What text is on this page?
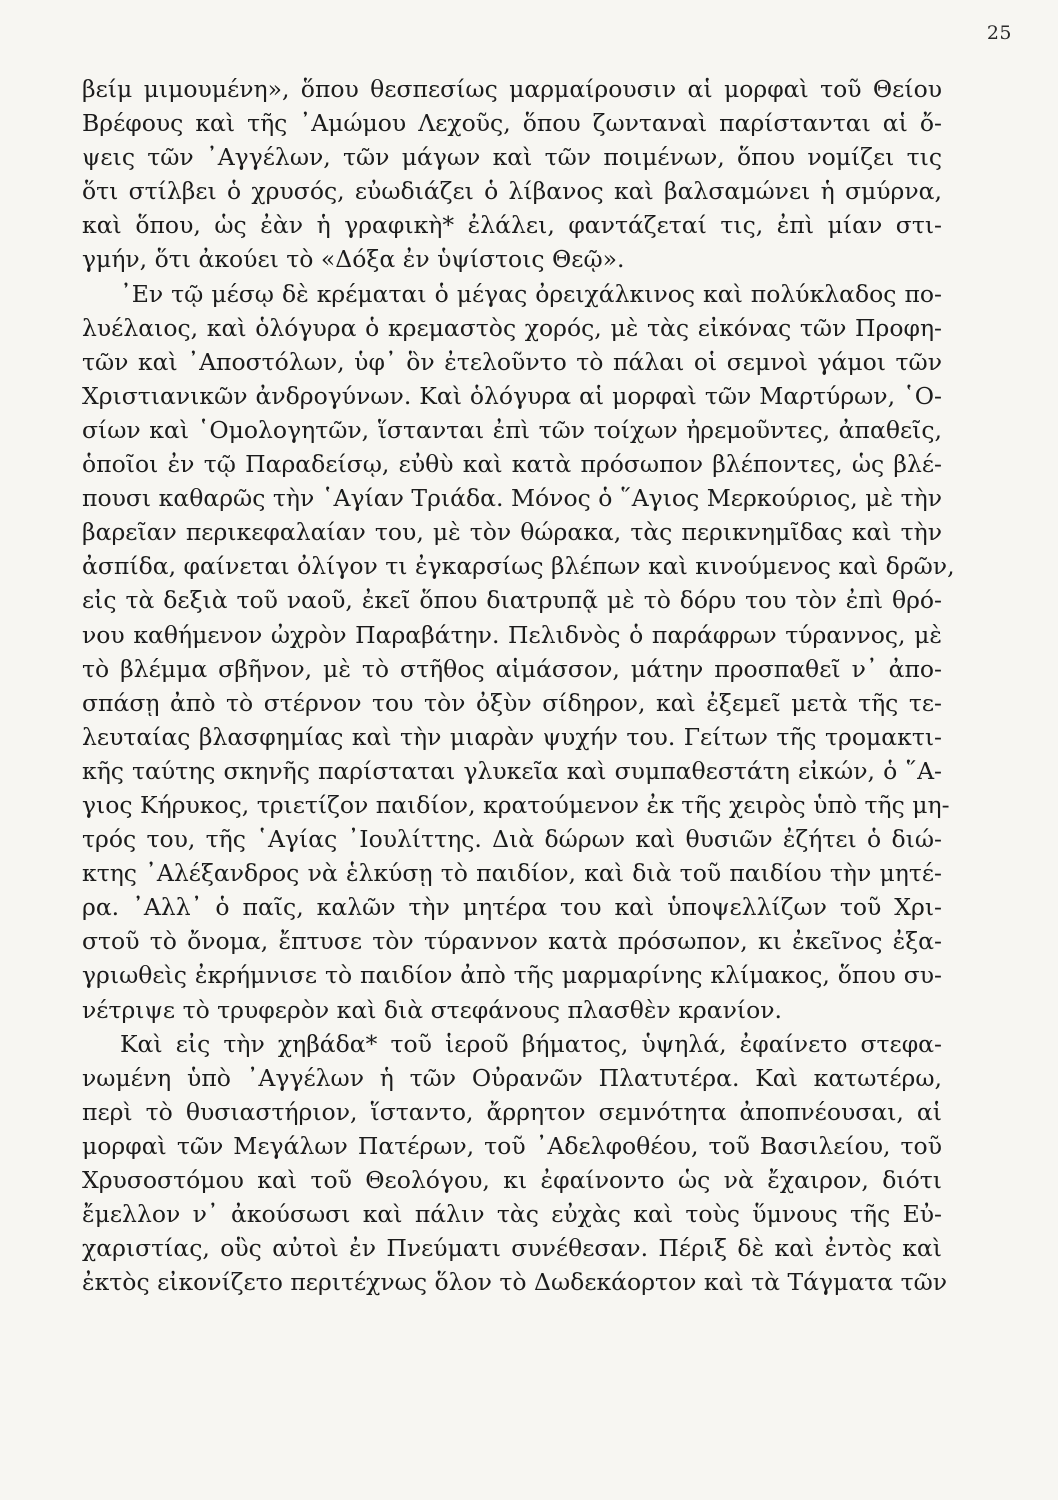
25
βείμ μιμουμένη», ὅπου θεσπεσίως μαρμαίρουσιν αἱ μορφαὶ τοῦ Θείου
Βρέφους καὶ τῆς ᾿Αμώμου Λεχοῦς, ὅπου ζωνταναὶ παρίστανται αἱ ὄ-
ψεις τῶν ᾿Αγγέλων, τῶν μάγων καὶ τῶν ποιμένων, ὅπου νομίζει τις
ὅτι στίλβει ὁ χρυσός, εὐωδιάζει ὁ λίβανος καὶ βαλσαμώνει ἡ σμύρνα,
καὶ ὅπου, ὡς ἐὰν ἡ γραφικὴ* ἐλάλει, φαντάζεταί τις, ἐπὶ μίαν στι-
γμήν, ὅτι ἀκούει τὸ «Δόξα ἐν ὑψίστοις Θεῷ».
᾿Εν τῷ μέσῳ δὲ κρέμαται ὁ μέγας ὀρειχάλκινος καὶ πολύκλαδος πο-
λυέλαιος, καὶ ὁλόγυρα ὁ κρεμαστὸς χορός, μὲ τὰς εἰκόνας τῶν Προφη-
τῶν καὶ ᾿Αποστόλων, ὑφ᾿ ὃν ἐτελοῦντο τὸ πάλαι οἱ σεμνοὶ γάμοι τῶν
Χριστιανικῶν ἀνδρογύνων. Καὶ ὁλόγυρα αἱ μορφαὶ τῶν Μαρτύρων, ῾Ο-
σίων καὶ ῾Ομολογητῶν, ἵστανται ἐπὶ τῶν τοίχων ἠρεμοῦντες, ἀπαθεῖς,
ὁποῖοι ἐν τῷ Παραδείσῳ, εὐθὺ καὶ κατὰ πρόσωπον βλέποντες, ὡς βλέ-
πουσι καθαρῶς τὴν ῾Αγίαν Τριάδα. Μόνος ὁ ῞Αγιος Μερκούριος, μὲ τὴν
βαρεῖαν περικεφαλαίαν του, μὲ τὸν θώρακα, τὰς περικνημῖδας καὶ τὴν
ἀσπίδα, φαίνεται ὀλίγον τι ἐγκαρσίως βλέπων καὶ κινούμενος καὶ δρῶν,
εἰς τὰ δεξιὰ τοῦ ναοῦ, ἐκεῖ ὅπου διατρυπᾷ μὲ τὸ δόρυ του τὸν ἐπὶ θρό-
νου καθήμενον ὠχρὸν Παραβάτην. Πελιδνὸς ὁ παράφρων τύραννος, μὲ
τὸ βλέμμα σβῆνον, μὲ τὸ στῆθος αἱμάσσον, μάτην προσπαθεῖ ν᾿ ἀπο-
σπάσῃ ἀπὸ τὸ στέρνον του τὸν ὀξὺν σίδηρον, καὶ ἐξεμεῖ μετὰ τῆς τε-
λευταίας βλασφημίας καὶ τὴν μιαρὰν ψυχήν του. Γείτων τῆς τρομακτι-
κῆς ταύτης σκηνῆς παρίσταται γλυκεῖα καὶ συμπαθεστάτη εἰκών, ὁ ῞Α-
γιος Κήρυκος, τριετίζον παιδίον, κρατούμενον ἐκ τῆς χειρὸς ὑπὸ τῆς μη-
τρός του, τῆς ῾Αγίας ᾿Ιουλίττης. Διὰ δώρων καὶ θυσιῶν ἐζήτει ὁ διώ-
κτης ᾿Αλέξανδρος νὰ ἑλκύσῃ τὸ παιδίον, καὶ διὰ τοῦ παιδίου τὴν μητέ-
ρα. ᾿Αλλ᾿ ὁ παῖς, καλῶν τὴν μητέρα του καὶ ὑποψελλίζων τοῦ Χρι-
στοῦ τὸ ὄνομα, ἔπτυσε τὸν τύραννον κατὰ πρόσωπον, κι ἐκεῖνος ἐξα-
γριωθεὶς ἐκρήμνισε τὸ παιδίον ἀπὸ τῆς μαρμαρίνης κλίμακος, ὅπου συ-
νέτριψε τὸ τρυφερὸν καὶ διὰ στεφάνους πλασθὲν κρανίον.
Καὶ εἰς τὴν χηβάδα* τοῦ ἱεροῦ βήματος, ὑψηλά, ἐφαίνετο στεφα-
νωμένη ὑπὸ ᾿Αγγέλων ἡ τῶν Οὐρανῶν Πλατυτέρα. Καὶ κατωτέρω,
περὶ τὸ θυσιαστήριον, ἵσταντο, ἄρρητον σεμνότητα ἀποπνέουσαι, αἱ
μορφαὶ τῶν Μεγάλων Πατέρων, τοῦ ᾿Αδελφοθέου, τοῦ Βασιλείου, τοῦ
Χρυσοστόμου καὶ τοῦ Θεολόγου, κι ἐφαίνοντο ὡς νὰ ἔχαιρον, διότι
ἔμελλον ν᾿ ἀκούσωσι καὶ πάλιν τὰς εὐχὰς καὶ τοὺς ὕμνους τῆς Εὐ-
χαριστίας, οὓς αὐτοὶ ἐν Πνεύματι συνέθεσαν. Πέριξ δὲ καὶ ἐντὸς καὶ
ἐκτὸς εἰκονίζετο περιτέχνως ὅλον τὸ Δωδεκάορτον καὶ τὰ Τάγματα τῶν
